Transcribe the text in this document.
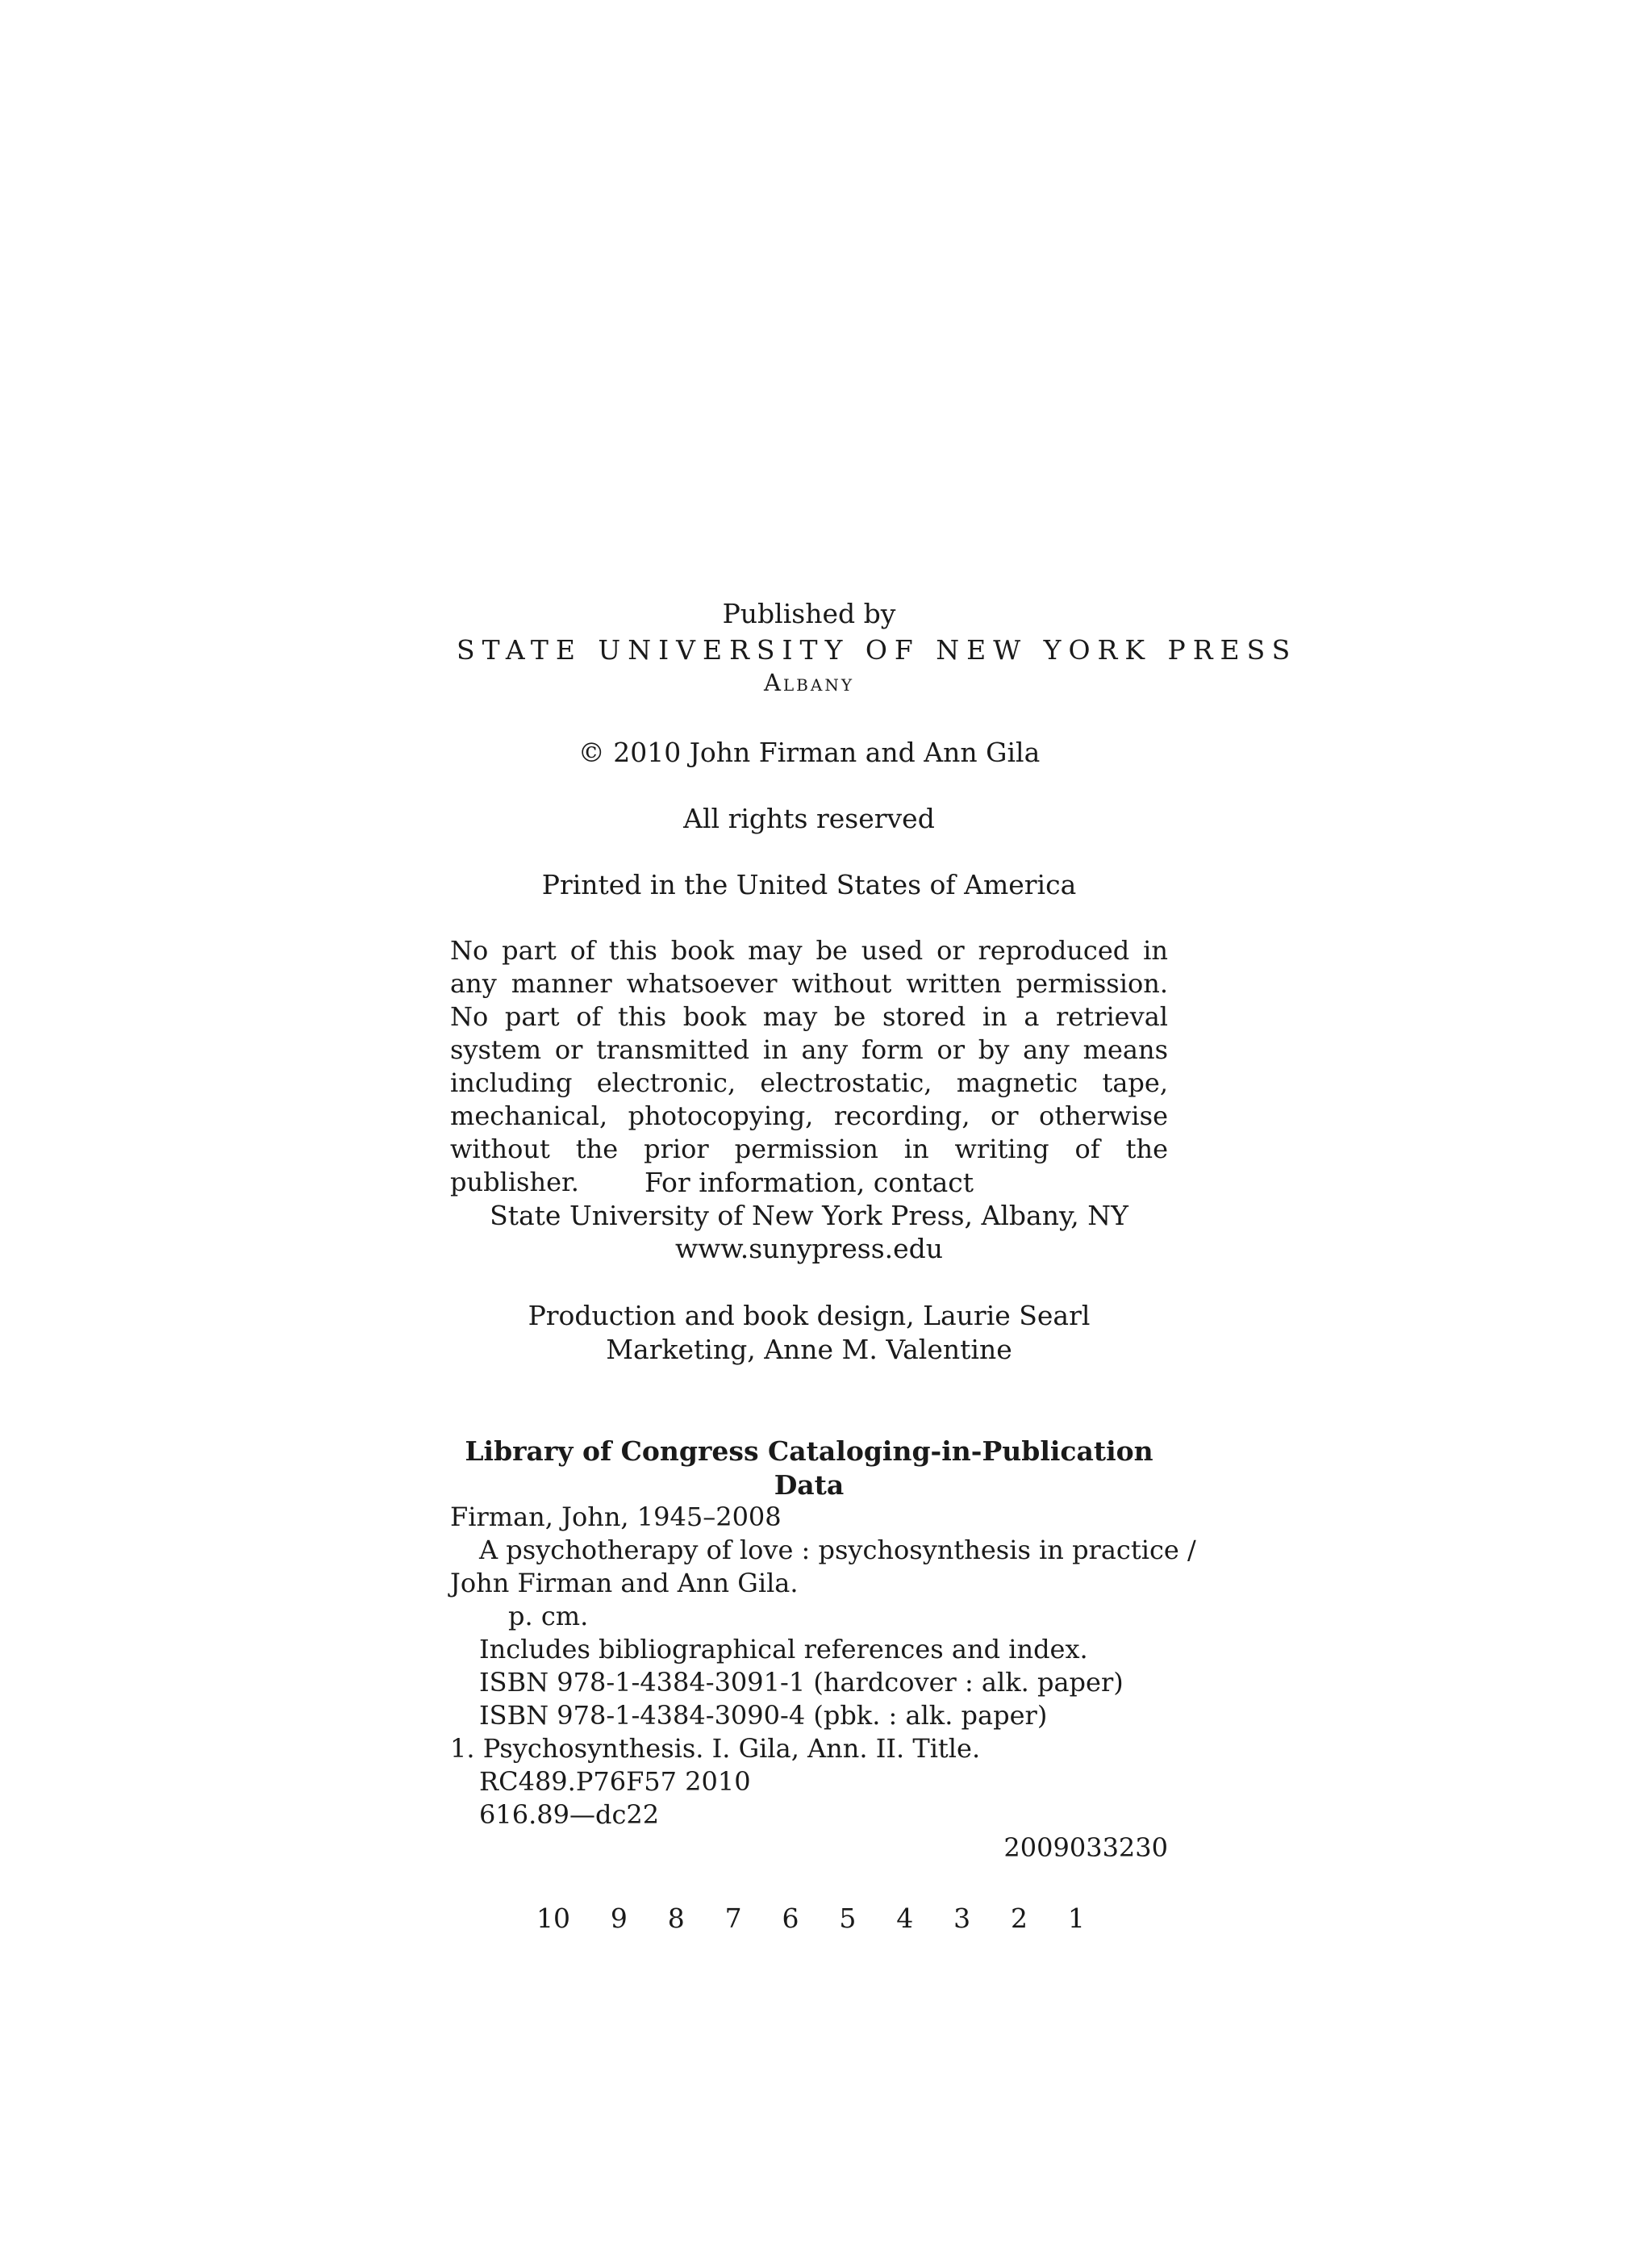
Published by
STATE UNIVERSITY OF NEW YORK PRESS
Albany
© 2010 John Firman and Ann Gila
All rights reserved
Printed in the United States of America

No part of this book may be used or reproduced in any manner whatsoever without written permission. No part of this book may be stored in a retrieval system or transmitted in any form or by any means including electronic, electrostatic, magnetic tape, mechanical, photocopying, recording, or otherwise without the prior permission in writing of the publisher.	For information, contact
State University of New York Press, Albany, NY
www.sunypress.edu
Production and book design, Laurie Searl
Marketing, Anne M. Valentine
Library of Congress Cataloging-in-Publication Data
Firman, John, 1945–2008
A psychotherapy of love : psychosynthesis in practice /
John Firman and Ann Gila.
p. cm.
Includes bibliographical references and index.
ISBN 978-1-4384-3091-1 (hardcover : alk. paper)
ISBN 978-1-4384-3090-4 (pbk. : alk. paper)
1. Psychosynthesis. I. Gila, Ann. II. Title.
RC489.P76F57 2010
616.89—dc22
2009033230
10 9 8 7 6 5 4 3 2 1
